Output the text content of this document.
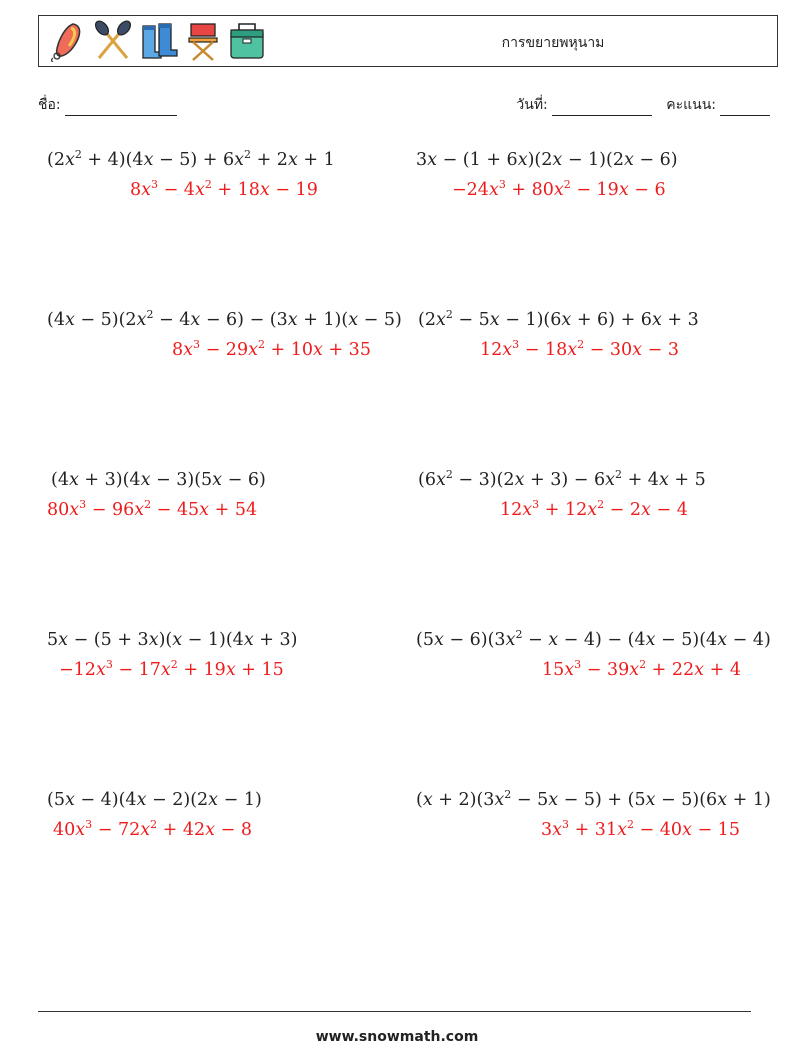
การขยายพหุนาม
ชื่อ:	วันที่:	คะแนน:
$(2x^2 + 4)(4x - 5) + 6x^2 + 2x + 1$
$8x^3 - 4x^2 + 18x - 19$
3x − (1 + 6x)(2x − 1)(2x − 6)
$-24x^3 + 80x^2 - 19x - 6$
$(4x - 5)(2x^2 - 4x - 6) - (3x + 1)(x - 5)$
$8x^3 - 29x^2 + 10x + 35$
$(2x^2 - 5x - 1)(6x + 6) + 6x + 3$
$12x^3 - 18x^2 - 30x - 3$
(4x + 3)(4x − 3)(5x − 6)
$80x^3 - 96x^2 - 45x + 54$
$(6x^2 - 3)(2x + 3) - 6x^2 + 4x + 5$
$12x^3 + 12x^2 - 2x - 4$
5x − (5 + 3x)(x − 1)(4x + 3)
$-12x^3 - 17x^2 + 19x + 15$
$(5x - 6)(3x^2 - x - 4) - (4x - 5)(4x - 4)$
$15x^3 - 39x^2 + 22x + 4$
(5x − 4)(4x − 2)(2x − 1)
$40x^3 - 72x^2 + 42x - 8$
$(x + 2)(3x^2 - 5x - 5) + (5x - 5)(6x + 1)$
$3x^3 + 31x^2 - 40x - 15$
www.snowmath.com
